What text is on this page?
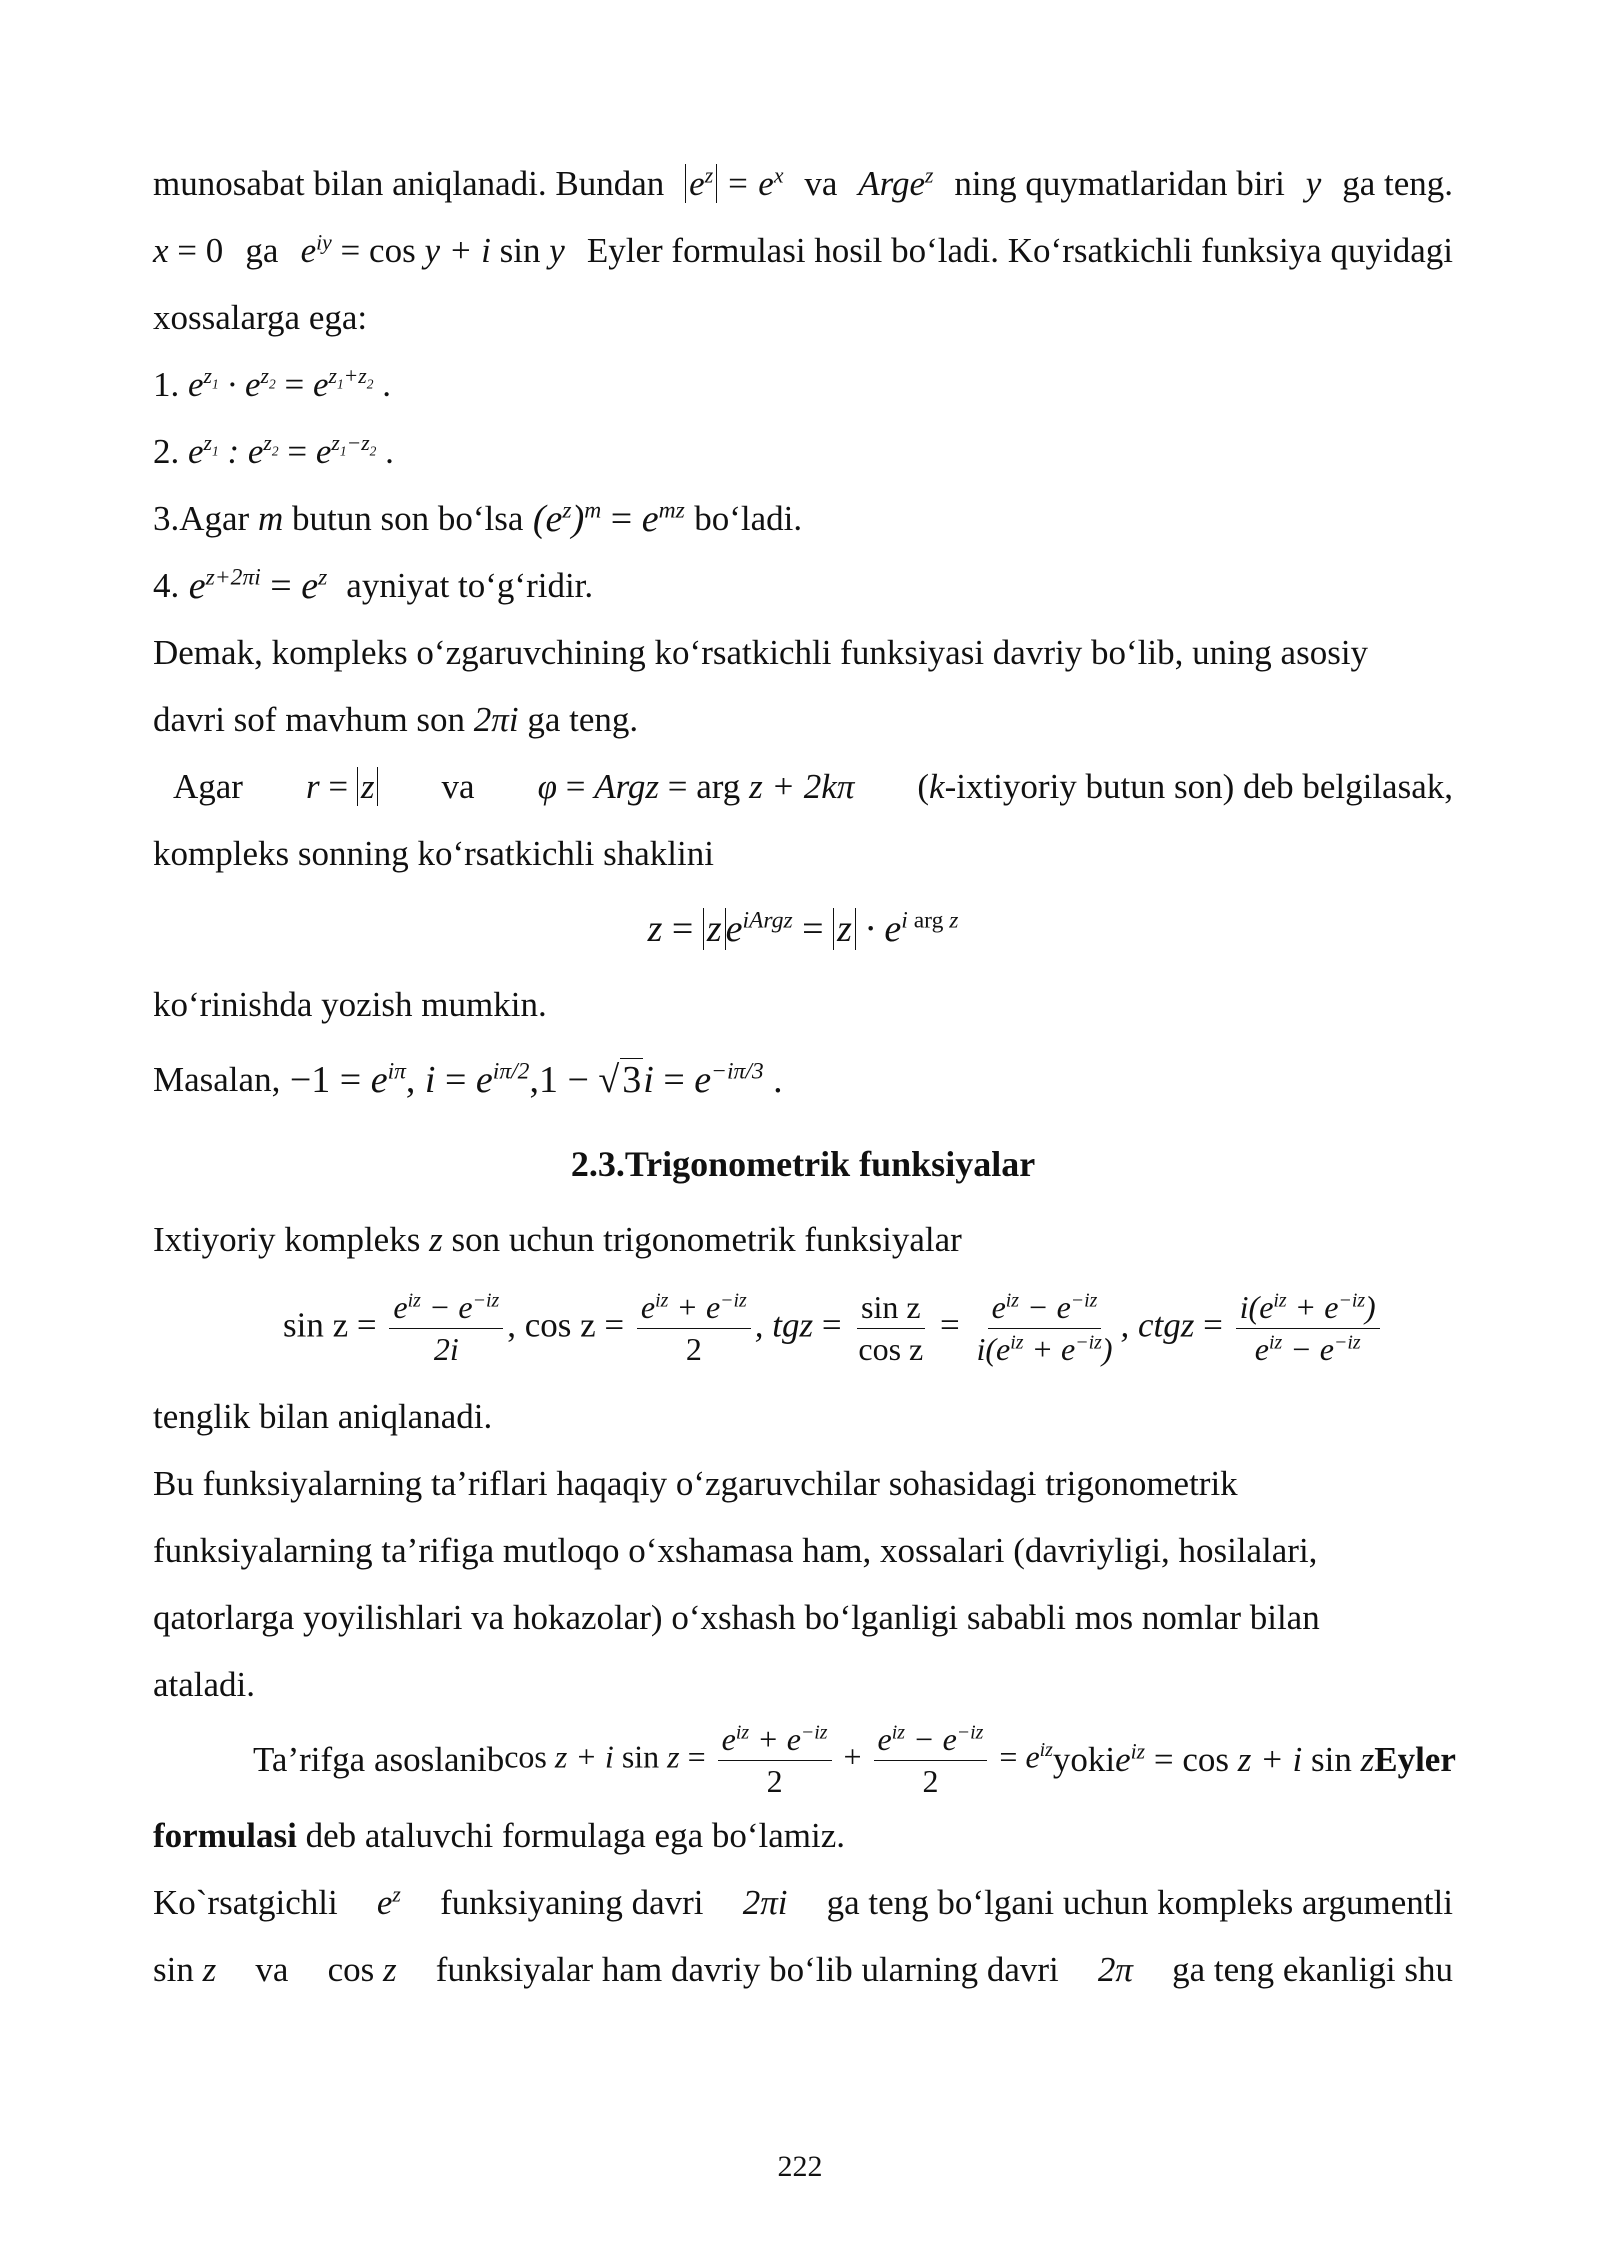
munosabat bilan aniqlanadi. Bundan $e^z = e^x$ va Arge$^z$ ning quymatlaridan biri y ga teng.
x = 0 ga $e^{iy} = \cos y + i$ sin y Eyler formulasi hosil bo‘ladi. Ko‘rsatkichli funksiya quyidagi
xossalarga ega:
1. $e^{z_1} \cdot e^{z_2} = e^{z_1+z_2}$ .
2. $e^{z_1}$ : $e^{z_2} = e^{z_1-z_2}$ .
3.Agar m butun son bo‘lsa $(e^z)^m = e^{mz}$ bo‘ladi.
4. $e^{z+2\pi i} = e^z$ ayniyat to‘g‘ridir.
Demak, kompleks o‘zgaruvchining ko‘rsatkichli funksiyasi davriy bo‘lib, uning asosiy
davri sof mavhum son 2πi ga teng.
Agar r = z va φ = Argz = arg z + 2kπ (k-ixtiyoriy butun son) deb belgilasak,
kompleks sonning ko‘rsatkichli shaklini
z = z $e^{iArgz} = z \cdot e^{i arg z}$
ko‘rinishda yozish mumkin.
Masalan, $-1 = e^{i\pi}$, $i = e^{i\pi/2},1 - √3i = e^{-i\pi/3}$ .
2.3.Trigonometrik funksiyalar
Ixtiyoriy kompleks z son uchun trigonometrik funksiyalar
$\sin z = \frac{e^{iz} - e^{-iz}}{2i}$ , $\cos z = \frac{e^{iz} + e^{-iz}}{2}$ , tgz = $\frac{\text{sin z}}{\text{cos z}} = \frac{e^{iz} - e^{-iz}}{i(e^{iz} + e^{-iz})}$ , ctgz = $\frac{i(e^{iz} + e^{-iz})}{e^{iz} - e^{-iz}}$
tenglik bilan aniqlanadi.
Bu funksiyalarning ta’riflari haqaqiy o‘zgaruvchilar sohasidagi trigonometrik
funksiyalarning ta’rifiga mutloqo o‘xshamasa ham, xossalari (davriyligi, hosilalari,
qatorlarga yoyilishlari va hokazolar) o‘xshash bo‘lganligi sababli mos nomlar bilan
ataladi.
Ta’rifga asoslanib cos z + i $\sin z = \frac{e^{iz} + e^{-iz}}{2} + \frac{e^{iz} - e^{-iz}}{2} = e^{iz}$ yoki $e^{iz} = \cos z + i$ sin z Eyler
formulasi
deb ataluvchi formulaga ega bo‘lamiz.
Ko`rsatgichli $e^z$ funksiyaning davri 2πi ga teng bo‘lgani uchun kompleks argumentli
sin z va cos z funksiyalar ham davriy bo‘lib ularning davri 2π ga teng ekanligi shu
222
